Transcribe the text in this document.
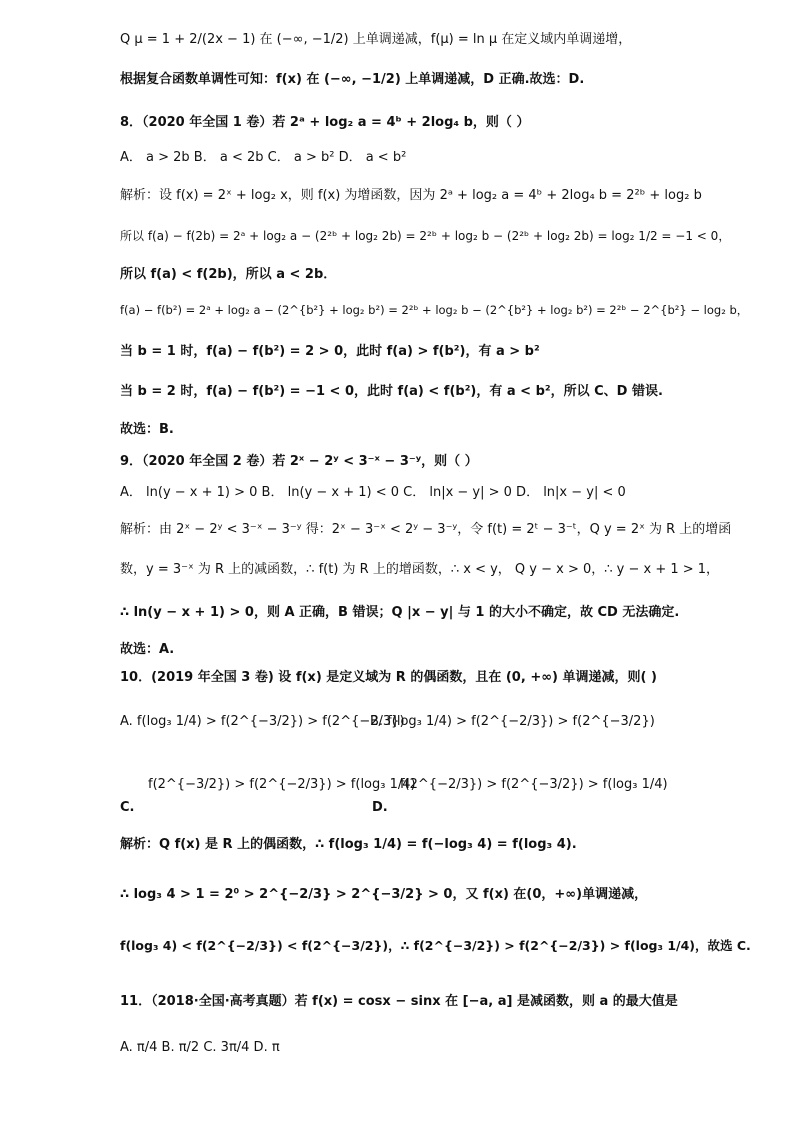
Q μ = 1 + 2/(2x − 1) 在 (−∞, −1/2) 上单调递减，f(μ) = ln μ 在定义域内单调递增，
根据复合函数单调性可知：f(x) 在 (−∞, −1/2) 上单调递减，D 正确.故选：D.
8．（2020 年全国 1 卷）若 2ᵃ + log₂ a = 4ᵇ + 2log₄ b，则（ ）
A． a > 2b B． a < 2b C． a > b² D． a < b²
解析：设 f(x) = 2ˣ + log₂ x，则 f(x) 为增函数，因为 2ᵃ + log₂ a = 4ᵇ + 2log₄ b = 2²ᵇ + log₂ b
所以 f(a) − f(2b) = 2ᵃ + log₂ a − (2²ᵇ + log₂ 2b) = 2²ᵇ + log₂ b − (2²ᵇ + log₂ 2b) = log₂ 1/2 = −1 < 0，
所以 f(a) < f(2b)，所以 a < 2b．
f(a) − f(b²) = 2ᵃ + log₂ a − (2^{b²} + log₂ b²) = 2²ᵇ + log₂ b − (2^{b²} + log₂ b²) = 2²ᵇ − 2^{b²} − log₂ b，
当 b = 1 时，f(a) − f(b²) = 2 > 0，此时 f(a) > f(b²)，有 a > b²
当 b = 2 时，f(a) − f(b²) = −1 < 0，此时 f(a) < f(b²)，有 a < b²，所以 C、D 错误.
故选：B.
9．（2020 年全国 2 卷）若 2ˣ − 2ʸ < 3⁻ˣ − 3⁻ʸ，则（ ）
A． ln(y − x + 1) > 0 B． ln(y − x + 1) < 0 C． ln|x − y| > 0 D． ln|x − y| < 0
解析：由 2ˣ − 2ʸ < 3⁻ˣ − 3⁻ʸ 得：2ˣ − 3⁻ˣ < 2ʸ − 3⁻ʸ，令 f(t) = 2ᵗ − 3⁻ᵗ，Q y = 2ˣ 为 R 上的增函
数，y = 3⁻ˣ 为 R 上的减函数，∴ f(t) 为 R 上的增函数，∴ x < y， Q y − x > 0，∴ y − x + 1 > 1，
∴ ln(y − x + 1) > 0，则 A 正确，B 错误；Q |x − y| 与 1 的大小不确定，故 CD 无法确定.
故选：A.
10．(2019 年全国 3 卷) 设 f(x) 是定义域为 R 的偶函数，且在 (0, +∞) 单调递减，则( )
A. f(log₃ 1/4) > f(2^{−3/2}) > f(2^{−2/3})
B. f(log₃ 1/4) > f(2^{−2/3}) > f(2^{−3/2})
f(2^{−3/2}) > f(2^{−2/3}) > f(log₃ 1/4)
C.
f(2^{−2/3}) > f(2^{−3/2}) > f(log₃ 1/4)
D.
解析：Q f(x) 是 R 上的偶函数，∴ f(log₃ 1/4) = f(−log₃ 4) = f(log₃ 4).
∴ log₃ 4 > 1 = 2⁰ > 2^{−2/3} > 2^{−3/2} > 0，又 f(x) 在(0，+∞)单调递减，
f(log₃ 4) < f(2^{−2/3}) < f(2^{−3/2})，∴ f(2^{−3/2}) > f(2^{−2/3}) > f(log₃ 1/4)，故选 C.
11．（2018·全国·高考真题）若 f(x) = cosx − sinx 在 [−a, a] 是减函数，则 a 的最大值是
A. π/4 B. π/2 C. 3π/4 D. π
